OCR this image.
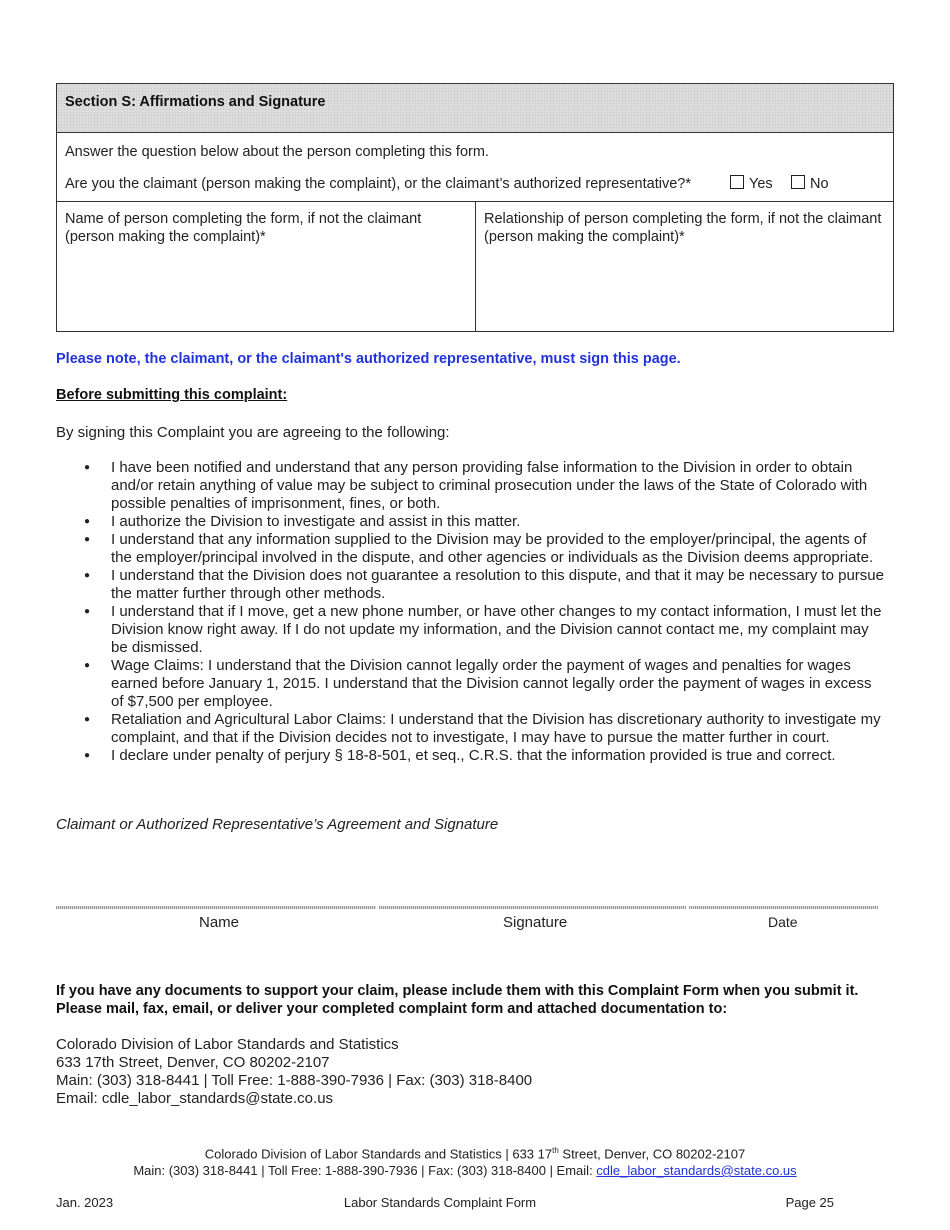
Section S: Affirmations and Signature
Answer the question below about the person completing this form.
Are you the claimant (person making the complaint), or the claimant’s authorized representative?*	Yes	No
Name of person completing the form, if not the claimant (person making the complaint)*
Relationship of person completing the form, if not the claimant (person making the complaint)*
Please note, the claimant, or the claimant's authorized representative, must sign this page.
Before submitting this complaint:
By signing this Complaint you are agreeing to the following:
● I have been notified and understand that any person providing false information to the Division in order to obtain and/or retain anything of value may be subject to criminal prosecution under the laws of the State of Colorado with possible penalties of imprisonment, fines, or both.
● I authorize the Division to investigate and assist in this matter.
● I understand that any information supplied to the Division may be provided to the employer/principal, the agents of the employer/principal involved in the dispute, and other agencies or individuals as the Division deems appropriate.
● I understand that the Division does not guarantee a resolution to this dispute, and that it may be necessary to pursue the matter further through other methods.
● I understand that if I move, get a new phone number, or have other changes to my contact information, I must let the Division know right away. If I do not update my information, and the Division cannot contact me, my complaint may be dismissed.
● Wage Claims: I understand that the Division cannot legally order the payment of wages and penalties for wages earned before January 1, 2015. I understand that the Division cannot legally order the payment of wages in excess of $7,500 per employee.
● Retaliation and Agricultural Labor Claims: I understand that the Division has discretionary authority to investigate my complaint, and that if the Division decides not to investigate, I may have to pursue the matter further in court.
● I declare under penalty of perjury § 18-8-501, et seq., C.R.S. that the information provided is true and correct.
Claimant or Authorized Representative’s Agreement and Signature
Name	Signature	Date
If you have any documents to support your claim, please include them with this Complaint Form when you submit it. Please mail, fax, email, or deliver your completed complaint form and attached documentation to:
Colorado Division of Labor Standards and Statistics
633 17th Street, Denver, CO 80202-2107
Main: (303) 318-8441 | Toll Free: 1-888-390-7936 | Fax: (303) 318-8400
Email: cdle_labor_standards@state.co.us
Colorado Division of Labor Standards and Statistics | 633 17th Street, Denver, CO 80202-2107
Main: (303) 318-8441 | Toll Free: 1-888-390-7936 | Fax: (303) 318-8400 | Email: cdle_labor_standards@state.co.us
Jan. 2023	Labor Standards Complaint Form	Page 25
